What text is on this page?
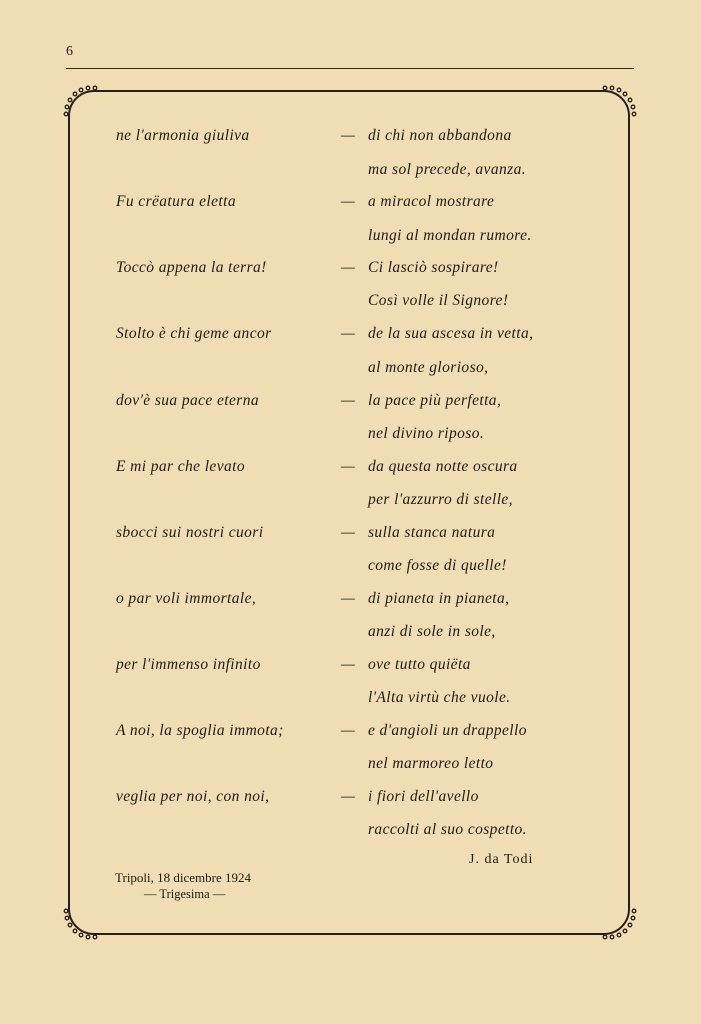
6
ne l'armonia giuliva	— di chi non abbandona
ma sol precede, avanza.
Fu crëatura eletta	— a miracol mostrare
lungi al mondan rumore.
Toccò appena la terra!	— Ci lasciò sospirare!
Così volle il Signore!
Stolto è chi geme ancor	— de la sua ascesa in vetta,
al monte glorioso,
dov'è sua pace eterna	— la pace più perfetta,
nel divino riposo.
E mi par che levato	— da questa notte oscura
per l'azzurro di stelle,
sbocci sui nostri cuori	— sulla stanca natura
come fosse di quelle!
o par voli immortale,	— di pianeta in pianeta,
anzi di sole in sole,
per l'immenso infinito	— ove tutto quiëta
l'Alta virtù che vuole.
A noi, la spoglia immota;	— e d'angioli un drappello
nel marmoreo letto
veglia per noi, con noi,	— i fiori dell'avello
raccolti al suo cospetto.
J. da Todi
Tripoli, 18 dicembre 1924
— Trigesima —
